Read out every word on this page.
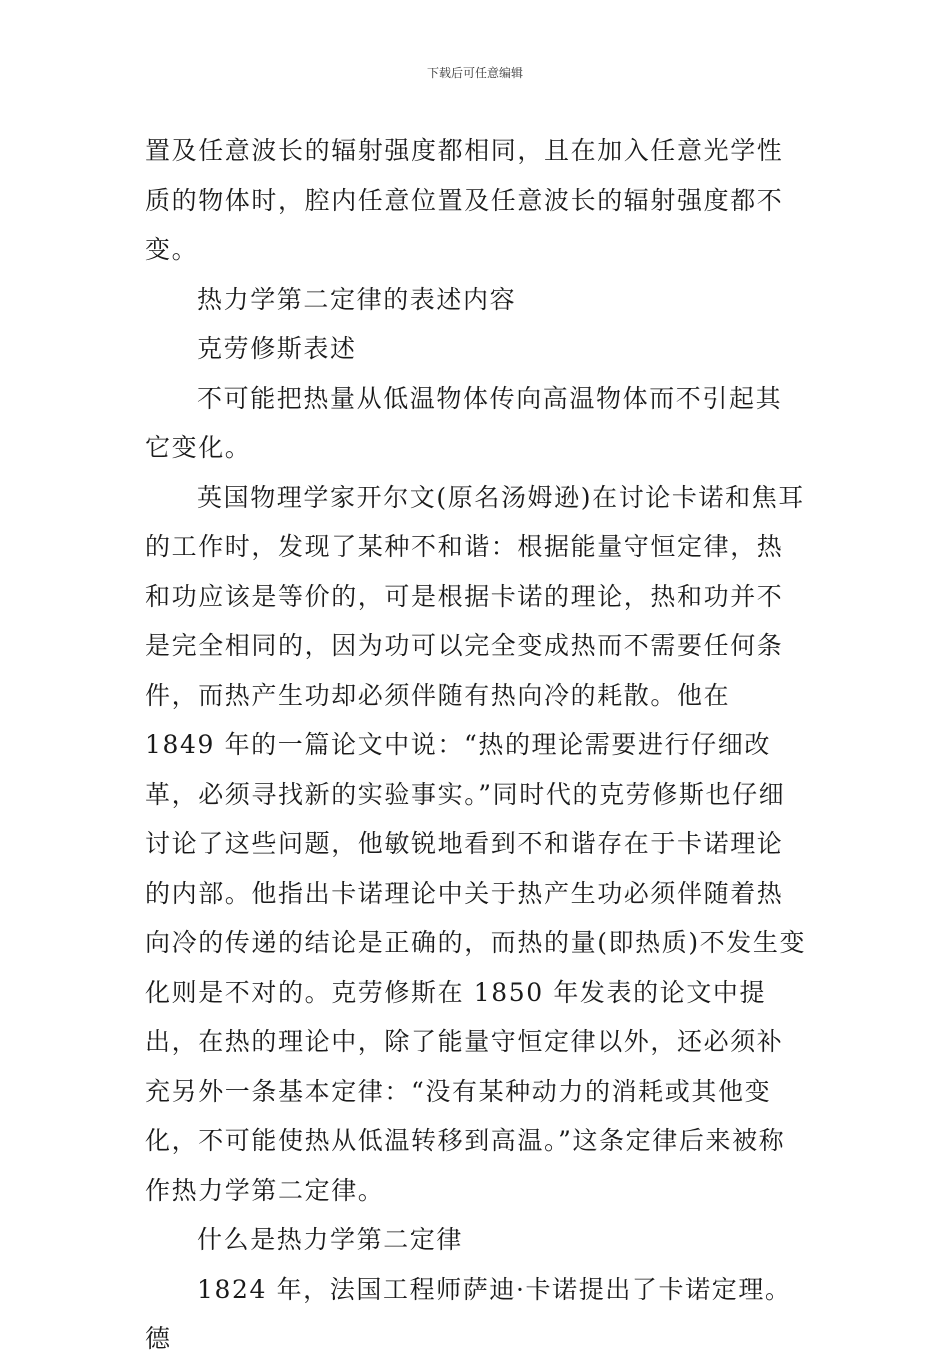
下载后可任意编辑

置及任意波长的辐射强度都相同，且在加入任意光学性质的物体时，腔内任意位置及任意波长的辐射强度都不变。

热力学第二定律的表述内容

克劳修斯表述

不可能把热量从低温物体传向高温物体而不引起其它变化。

英国物理学家开尔文(原名汤姆逊)在讨论卡诺和焦耳的工作时，发现了某种不和谐：根据能量守恒定律，热和功应该是等价的，可是根据卡诺的理论，热和功并不是完全相同的，因为功可以完全变成热而不需要任何条件，而热产生功却必须伴随有热向冷的耗散。他在 1849 年的一篇论文中说：“热的理论需要进行仔细改革，必须寻找新的实验事实。”同时代的克劳修斯也仔细讨论了这些问题，他敏锐地看到不和谐存在于卡诺理论的内部。他指出卡诺理论中关于热产生功必须伴随着热向冷的传递的结论是正确的，而热的量(即热质)不发生变化则是不对的。克劳修斯在 1850 年发表的论文中提出，在热的理论中，除了能量守恒定律以外，还必须补充另外一条基本定律：“没有某种动力的消耗或其他变化，不可能使热从低温转移到高温。”这条定律后来被称作热力学第二定律。

什么是热力学第二定律

1824 年，法国工程师萨迪·卡诺提出了卡诺定理。德
